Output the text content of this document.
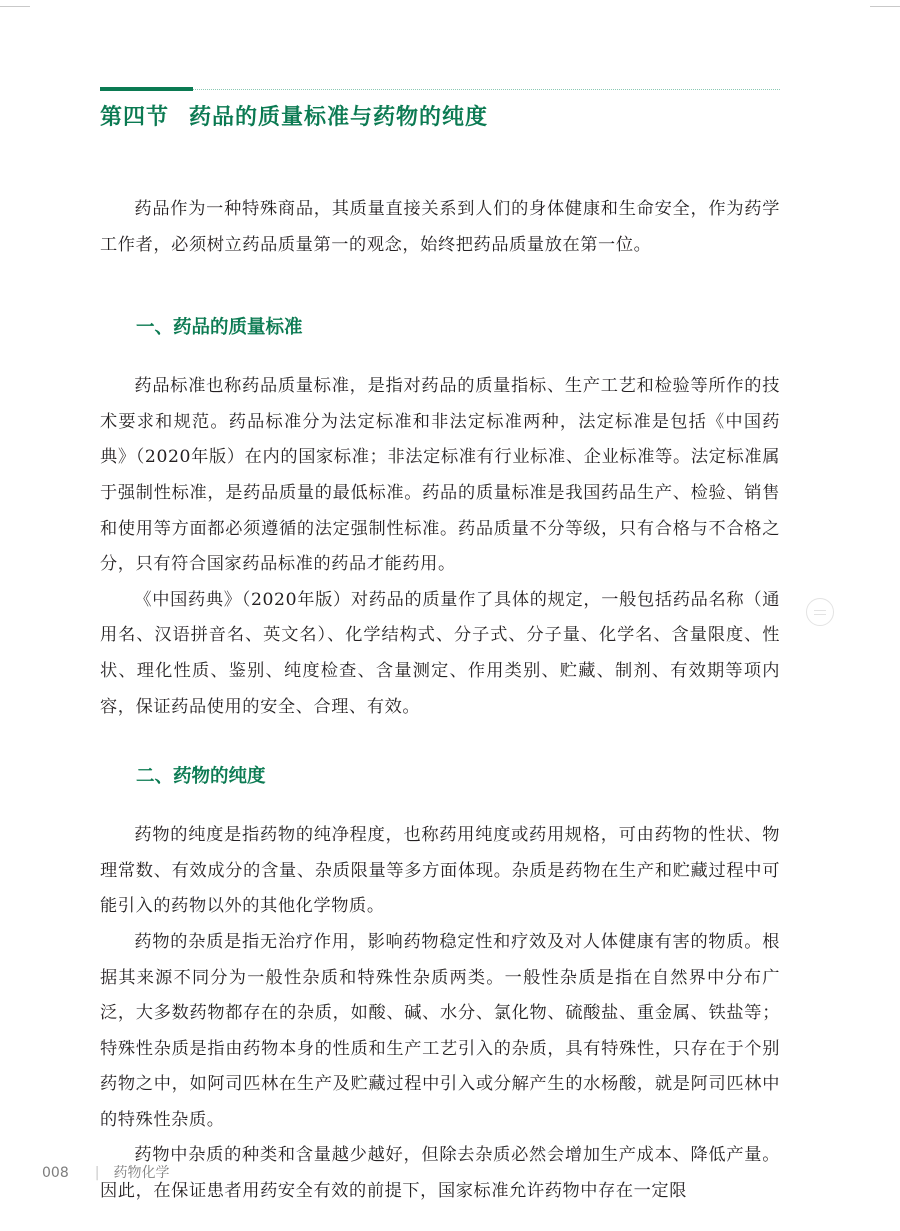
第四节 药品的质量标准与药物的纯度

药品作为一种特殊商品，其质量直接关系到人们的身体健康和生命安全，作为药学工作者，必须树立药品质量第一的观念，始终把药品质量放在第一位。

一、药品的质量标准

药品标准也称药品质量标准，是指对药品的质量指标、生产工艺和检验等所作的技术要求和规范。药品标准分为法定标准和非法定标准两种，法定标准是包括《中国药典》（2020年版）在内的国家标准；非法定标准有行业标准、企业标准等。法定标准属于强制性标准，是药品质量的最低标准。药品的质量标准是我国药品生产、检验、销售和使用等方面都必须遵循的法定强制性标准。药品质量不分等级，只有合格与不合格之分，只有符合国家药品标准的药品才能药用。

《中国药典》（2020年版）对药品的质量作了具体的规定，一般包括药品名称（通用名、汉语拼音名、英文名）、化学结构式、分子式、分子量、化学名、含量限度、性状、理化性质、鉴别、纯度检查、含量测定、作用类别、贮藏、制剂、有效期等项内容，保证药品使用的安全、合理、有效。

二、药物的纯度

药物的纯度是指药物的纯净程度，也称药用纯度或药用规格，可由药物的性状、物理常数、有效成分的含量、杂质限量等多方面体现。杂质是药物在生产和贮藏过程中可能引入的药物以外的其他化学物质。

药物的杂质是指无治疗作用，影响药物稳定性和疗效及对人体健康有害的物质。根据其来源不同分为一般性杂质和特殊性杂质两类。一般性杂质是指在自然界中分布广泛，大多数药物都存在的杂质，如酸、碱、水分、氯化物、硫酸盐、重金属、铁盐等；特殊性杂质是指由药物本身的性质和生产工艺引入的杂质，具有特殊性，只存在于个别药物之中，如阿司匹林在生产及贮藏过程中引入或分解产生的水杨酸，就是阿司匹林中的特殊性杂质。

药物中杂质的种类和含量越少越好，但除去杂质必然会增加生产成本、降低产量。因此，在保证患者用药安全有效的前提下，国家标准允许药物中存在一定限

008 | 药物化学
